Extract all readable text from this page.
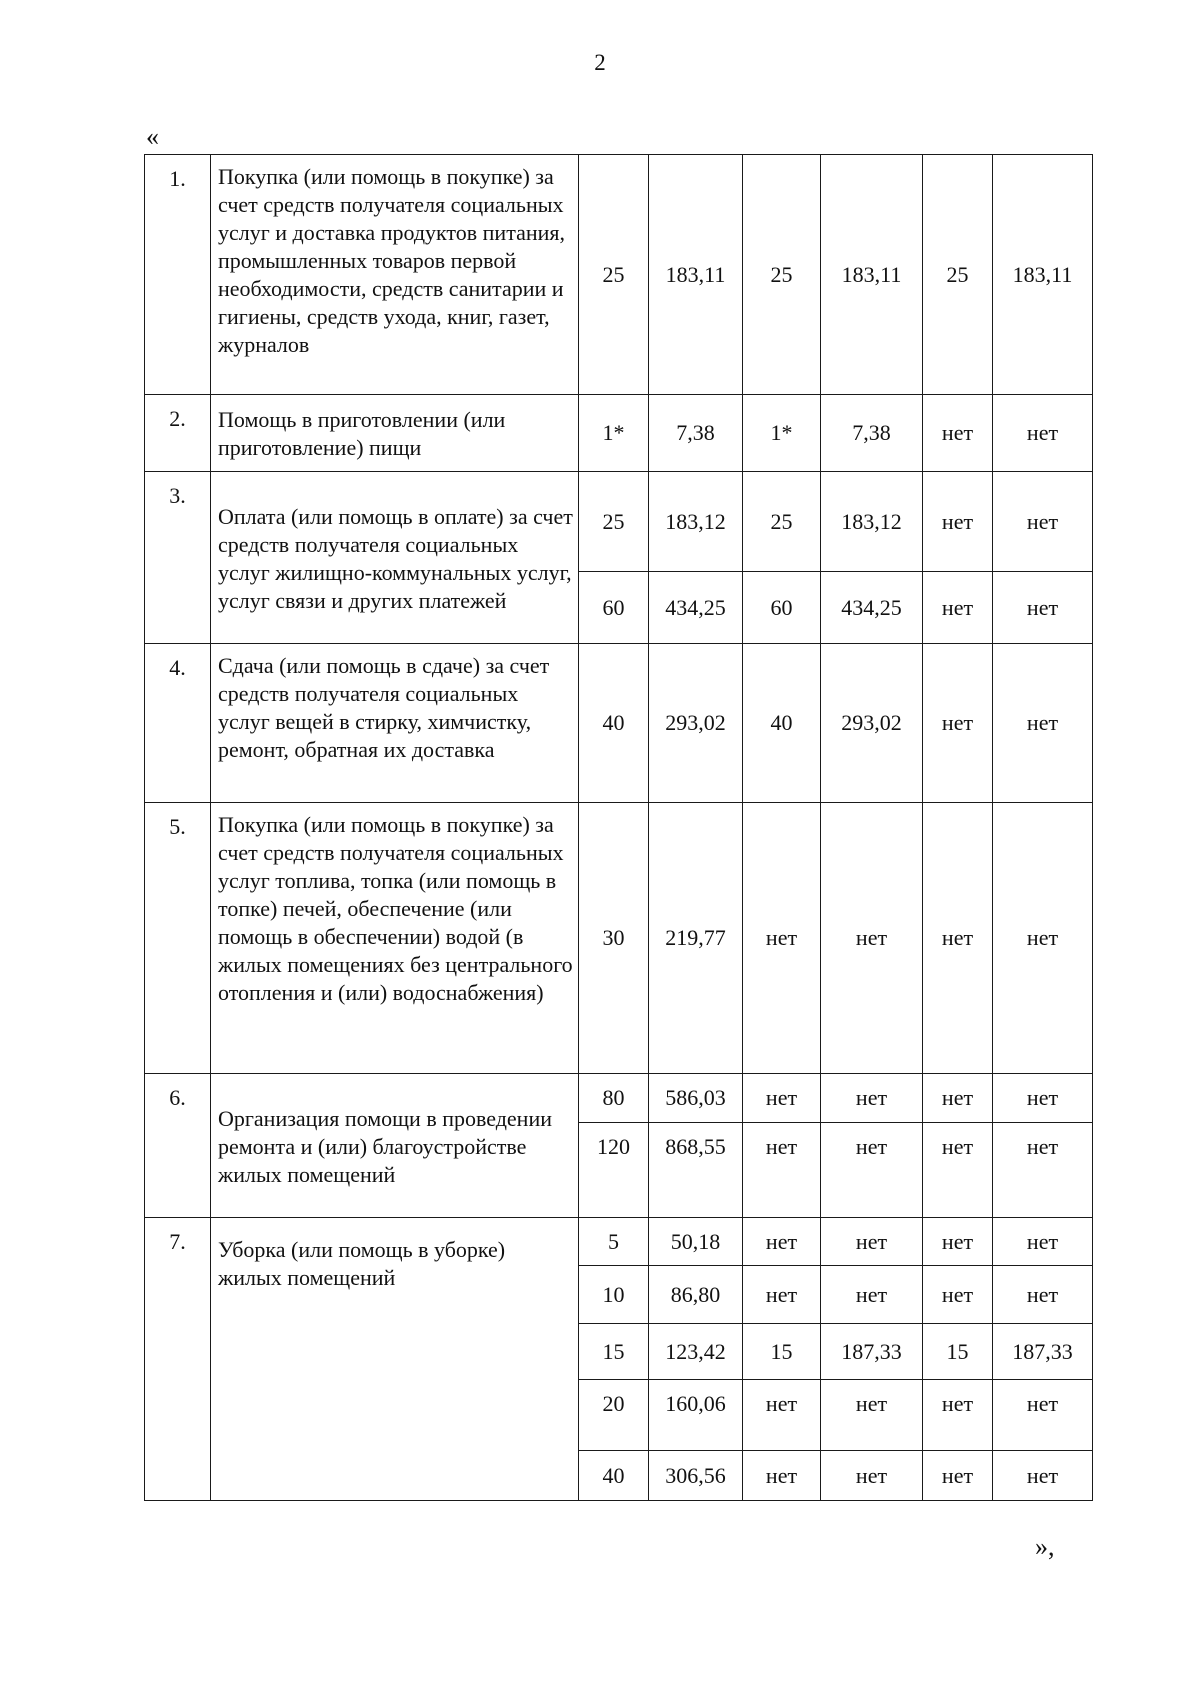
2
«
1.	Покупка (или помощь в покупке) за счет средств получателя социальных услуг и доставка продуктов питания, промышленных товаров первой необходимости, средств санитарии и гигиены, средств ухода, книг, газет, журналов	25	183,11	25	183,11	25	183,11
2.	Помощь в приготовлении (или приготовление) пищи	1*	7,38	1*	7,38	нет	нет
3.	Оплата (или помощь в оплате) за счет средств получателя социальных услуг жилищно-коммунальных услуг, услуг связи и других платежей	25	183,12	25	183,12	нет	нет
		60	434,25	60	434,25	нет	нет
4.	Сдача (или помощь в сдаче) за счет средств получателя социальных услуг вещей в стирку, химчистку, ремонт, обратная их доставка	40	293,02	40	293,02	нет	нет
5.	Покупка (или помощь в покупке) за счет средств получателя социальных услуг топлива, топка (или помощь в топке) печей, обеспечение (или помощь в обеспечении) водой (в жилых помещениях без центрального отопления и (или) водоснабжения)	30	219,77	нет	нет	нет	нет
6.	Организация помощи в проведении ремонта и (или) благоустройстве жилых помещений	80	586,03	нет	нет	нет	нет
		120	868,55	нет	нет	нет	нет
7.	Уборка (или помощь в уборке) жилых помещений	5	50,18	нет	нет	нет	нет
		10	86,80	нет	нет	нет	нет
		15	123,42	15	187,33	15	187,33
		20	160,06	нет	нет	нет	нет
		40	306,56	нет	нет	нет	нет
»,
